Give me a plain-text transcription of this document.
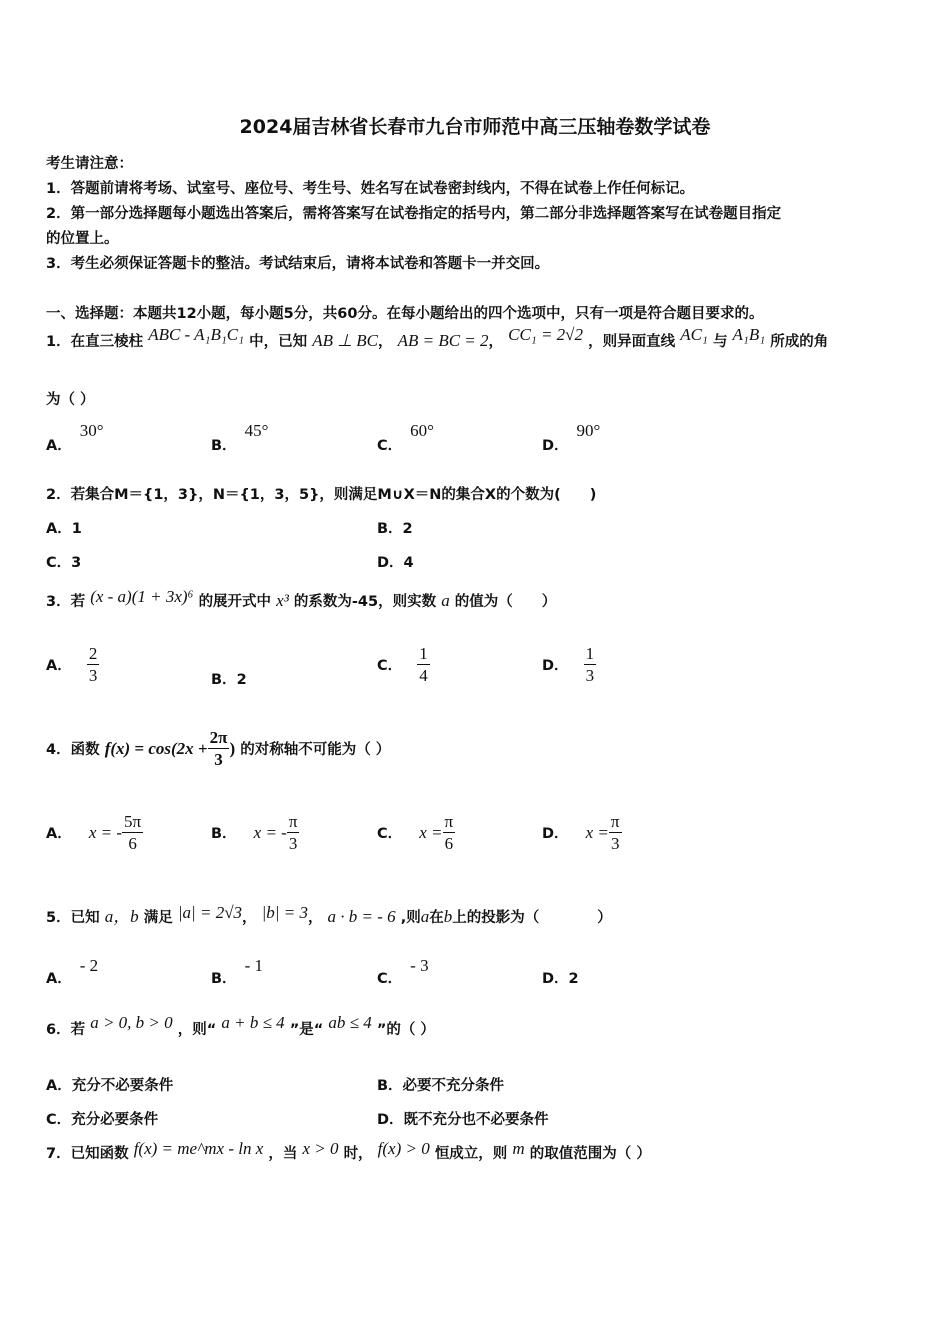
2024届吉林省长春市九台市师范中高三压轴卷数学试卷
考生请注意：
1．答题前请将考场、试室号、座位号、考生号、姓名写在试卷密封线内，不得在试卷上作任何标记。
2．第一部分选择题每小题选出答案后，需将答案写在试卷指定的括号内，第二部分非选择题答案写在试卷题目指定
的位置上。
3．考生必须保证答题卡的整洁。考试结束后，请将本试卷和答题卡一并交回。
一、选择题：本题共12小题，每小题5分，共60分。在每小题给出的四个选项中，只有一项是符合题目要求的。
1．在直三棱柱 ABC - A₁B₁C₁ 中，已知 AB ⊥ BC， AB = BC = 2， CC₁ = 2√2 ，则异面直线 AC₁ 与 A₁B₁ 所成的角
为（ ）
A．30°
B．45°
C．60°
D．90°
2．若集合M＝{1，3}，N＝{1，3，5}，则满足M∪X＝N的集合X的个数为(　　)
A．1	B．2
C．3	D．4
3．若 (x - a)(1 + 3x)⁶ 的展开式中 x³ 的系数为-45，则实数 a 的值为（　　）
A． $\frac{2}{3}$	B．2
C． $\frac{1}{4}$	D． $\frac{1}{3}$
4．函数 $f(x) = \cos(2x + \frac{2\pi}{3}$ ) 的对称轴不可能为（ ）
A． x = - $\frac{5\pi}{6}$	B． x = - $\frac{\pi}{3}$	C． $x = \frac{\pi}{6}$	D． $x = \frac{\pi}{3}$
5．已知 a，b 满足 |a| = 2√3， |b| = 3， a · b = - 6 ,则a在b上的投影为（　　　　）
A．- 2
B．- 1
C．- 3
D．2
6．若 a > 0, b > 0 ，则“ a + b ≤ 4 ”是“ ab ≤ 4 ”的（ ）
A．充分不必要条件	B．必要不充分条件
C．充分必要条件	D．既不充分也不必要条件
7．已知函数 f(x) = me^mx - ln x ，当 x > 0 时， f(x) > 0 恒成立，则 m 的取值范围为（ ）
